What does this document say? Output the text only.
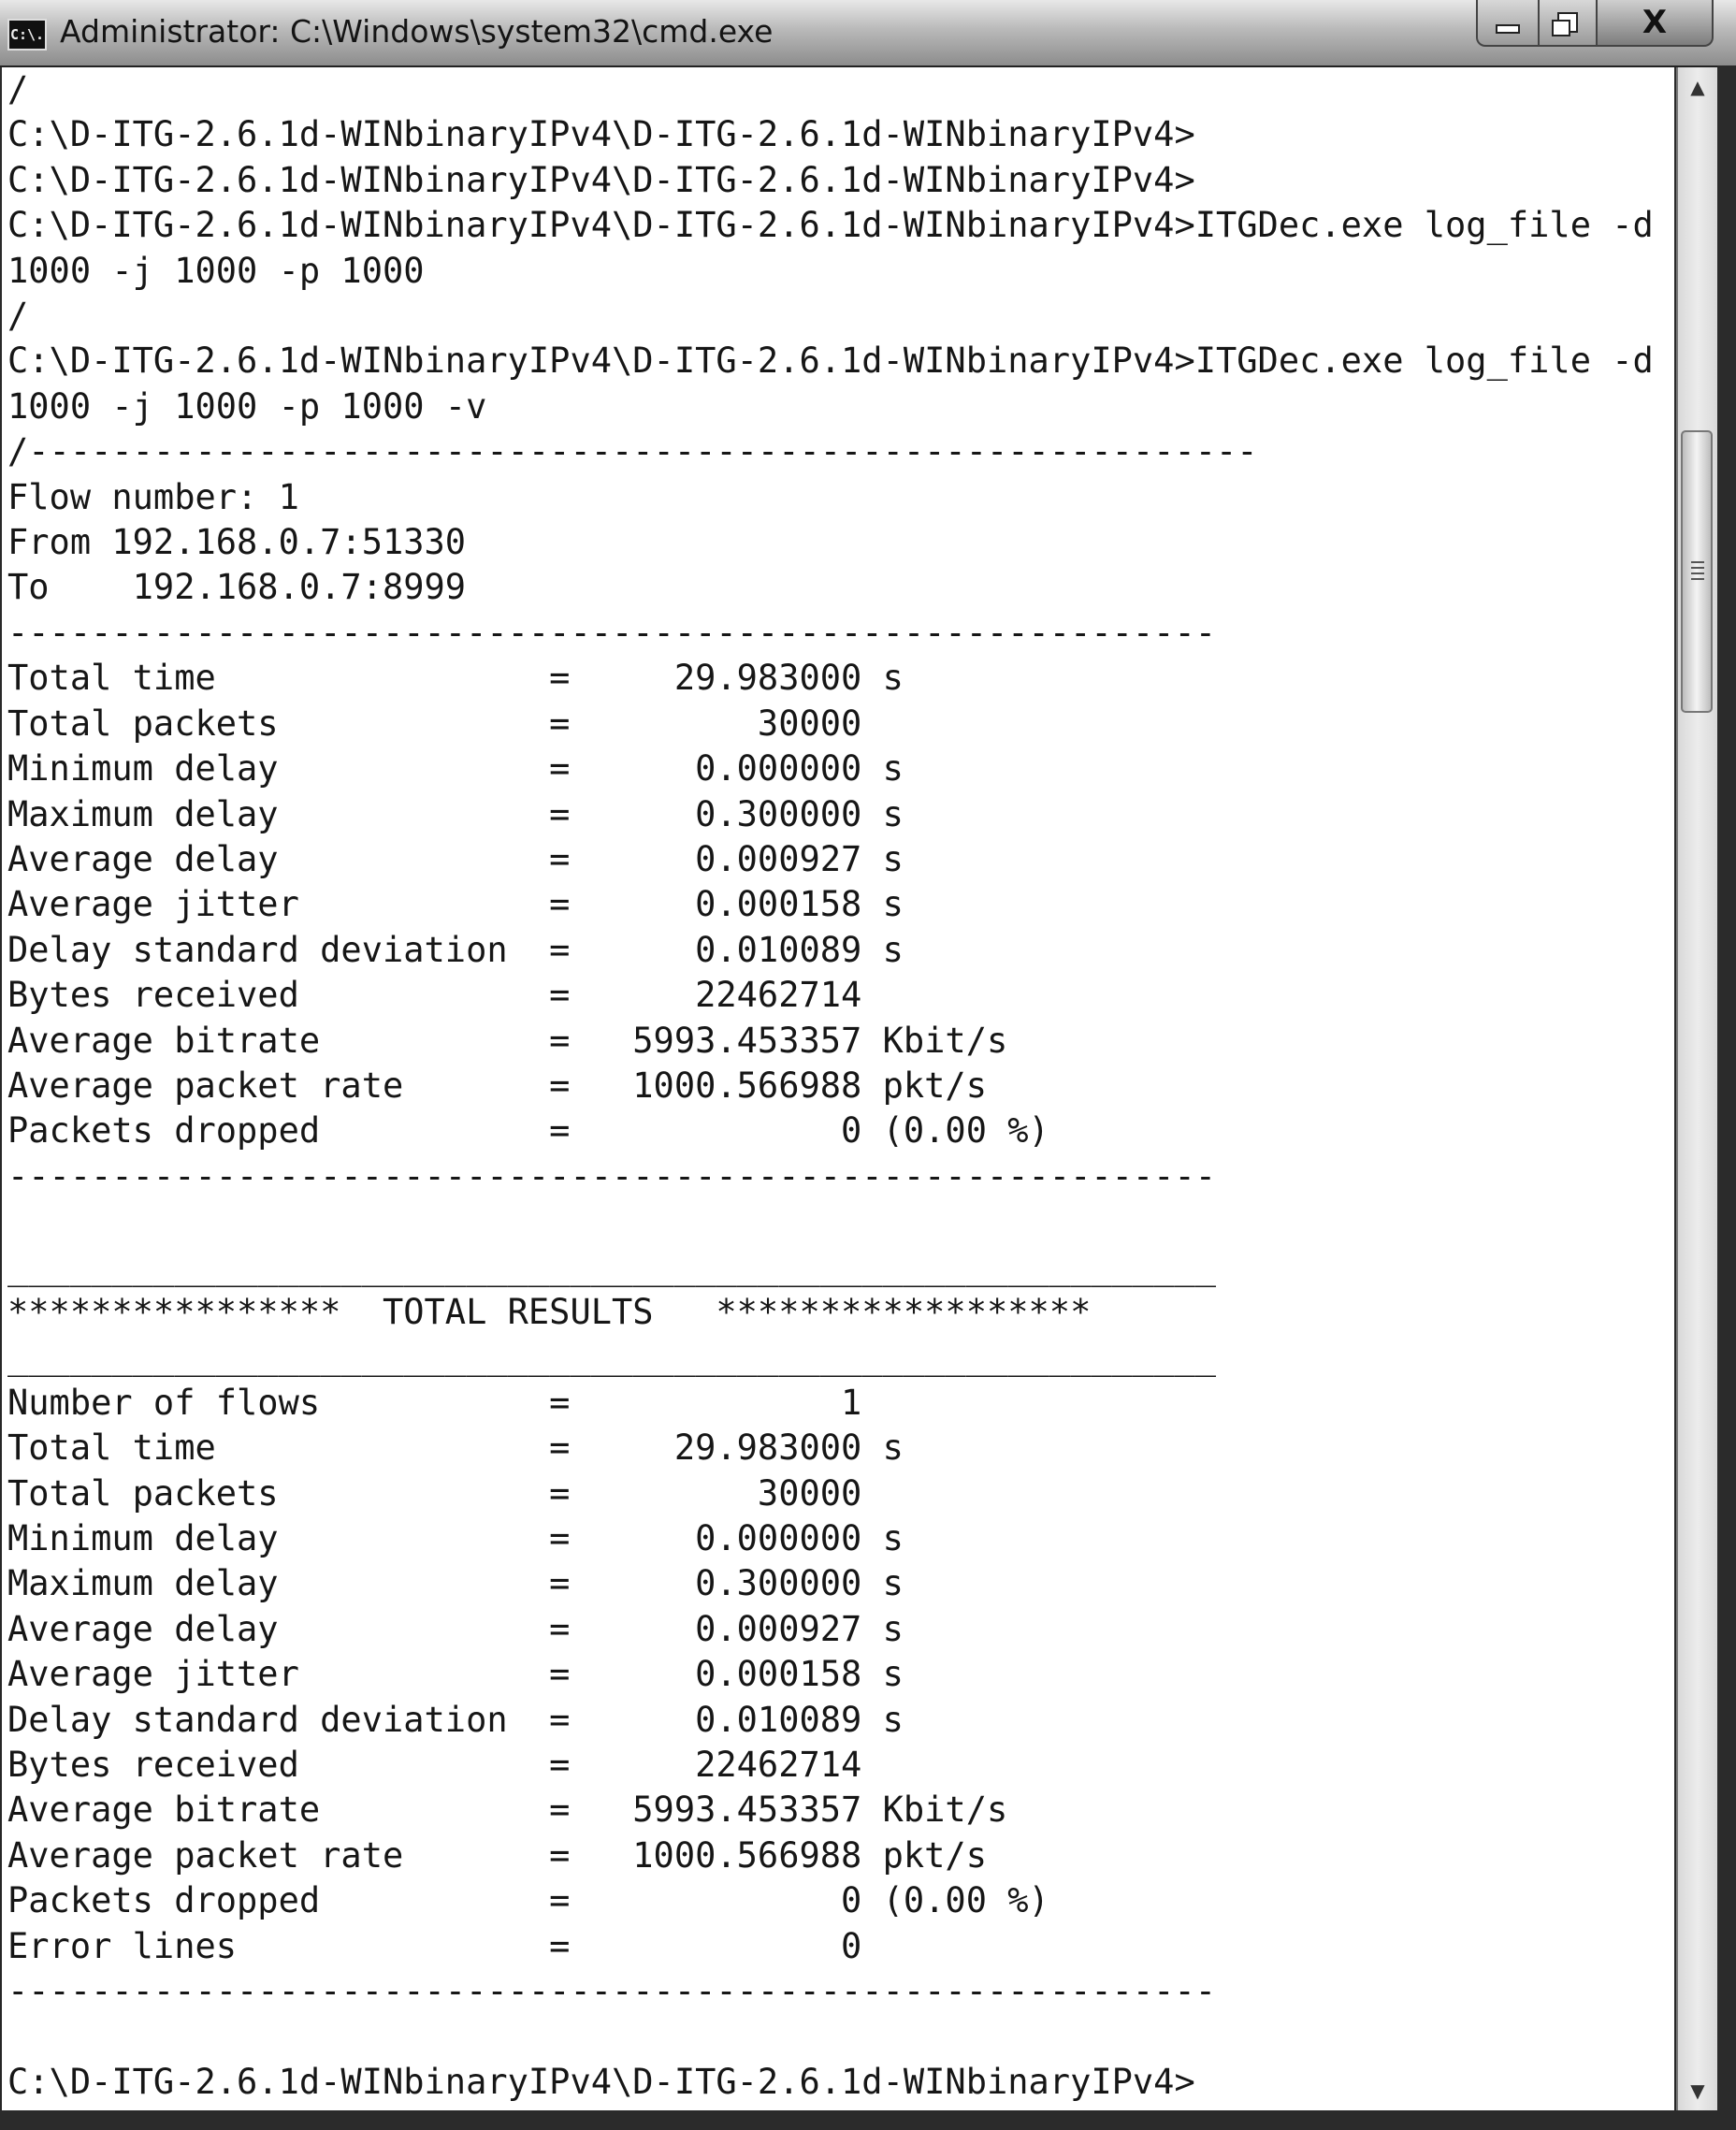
C:\. Administrator: C:\Windows\system32\cmd.exe	X
/
C:\D-ITG-2.6.1d-WINbinaryIPv4\D-ITG-2.6.1d-WINbinaryIPv4>
C:\D-ITG-2.6.1d-WINbinaryIPv4\D-ITG-2.6.1d-WINbinaryIPv4>
C:\D-ITG-2.6.1d-WINbinaryIPv4\D-ITG-2.6.1d-WINbinaryIPv4>ITGDec.exe log_file -d
1000 -j 1000 -p 1000
/
C:\D-ITG-2.6.1d-WINbinaryIPv4\D-ITG-2.6.1d-WINbinaryIPv4>ITGDec.exe log_file -d
1000 -j 1000 -p 1000 -v
/-----------------------------------------------------------
Flow number: 1
From 192.168.0.7:51330
To    192.168.0.7:8999
----------------------------------------------------------
Total time                =     29.983000 s
Total packets             =         30000
Minimum delay             =      0.000000 s
Maximum delay             =      0.300000 s
Average delay             =      0.000927 s
Average jitter            =      0.000158 s
Delay standard deviation  =      0.010089 s
Bytes received            =      22462714
Average bitrate           =   5993.453357 Kbit/s
Average packet rate       =   1000.566988 pkt/s
Packets dropped           =             0 (0.00 %)
----------------------------------------------------------

__________________________________________________________
****************  TOTAL RESULTS   ******************
__________________________________________________________
Number of flows           =             1
Total time                =     29.983000 s
Total packets             =         30000
Minimum delay             =      0.000000 s
Maximum delay             =      0.300000 s
Average delay             =      0.000927 s
Average jitter            =      0.000158 s
Delay standard deviation  =      0.010089 s
Bytes received            =      22462714
Average bitrate           =   5993.453357 Kbit/s
Average packet rate       =   1000.566988 pkt/s
Packets dropped           =             0 (0.00 %)
Error lines               =             0
----------------------------------------------------------

C:\D-ITG-2.6.1d-WINbinaryIPv4\D-ITG-2.6.1d-WINbinaryIPv4>

▲
▼
